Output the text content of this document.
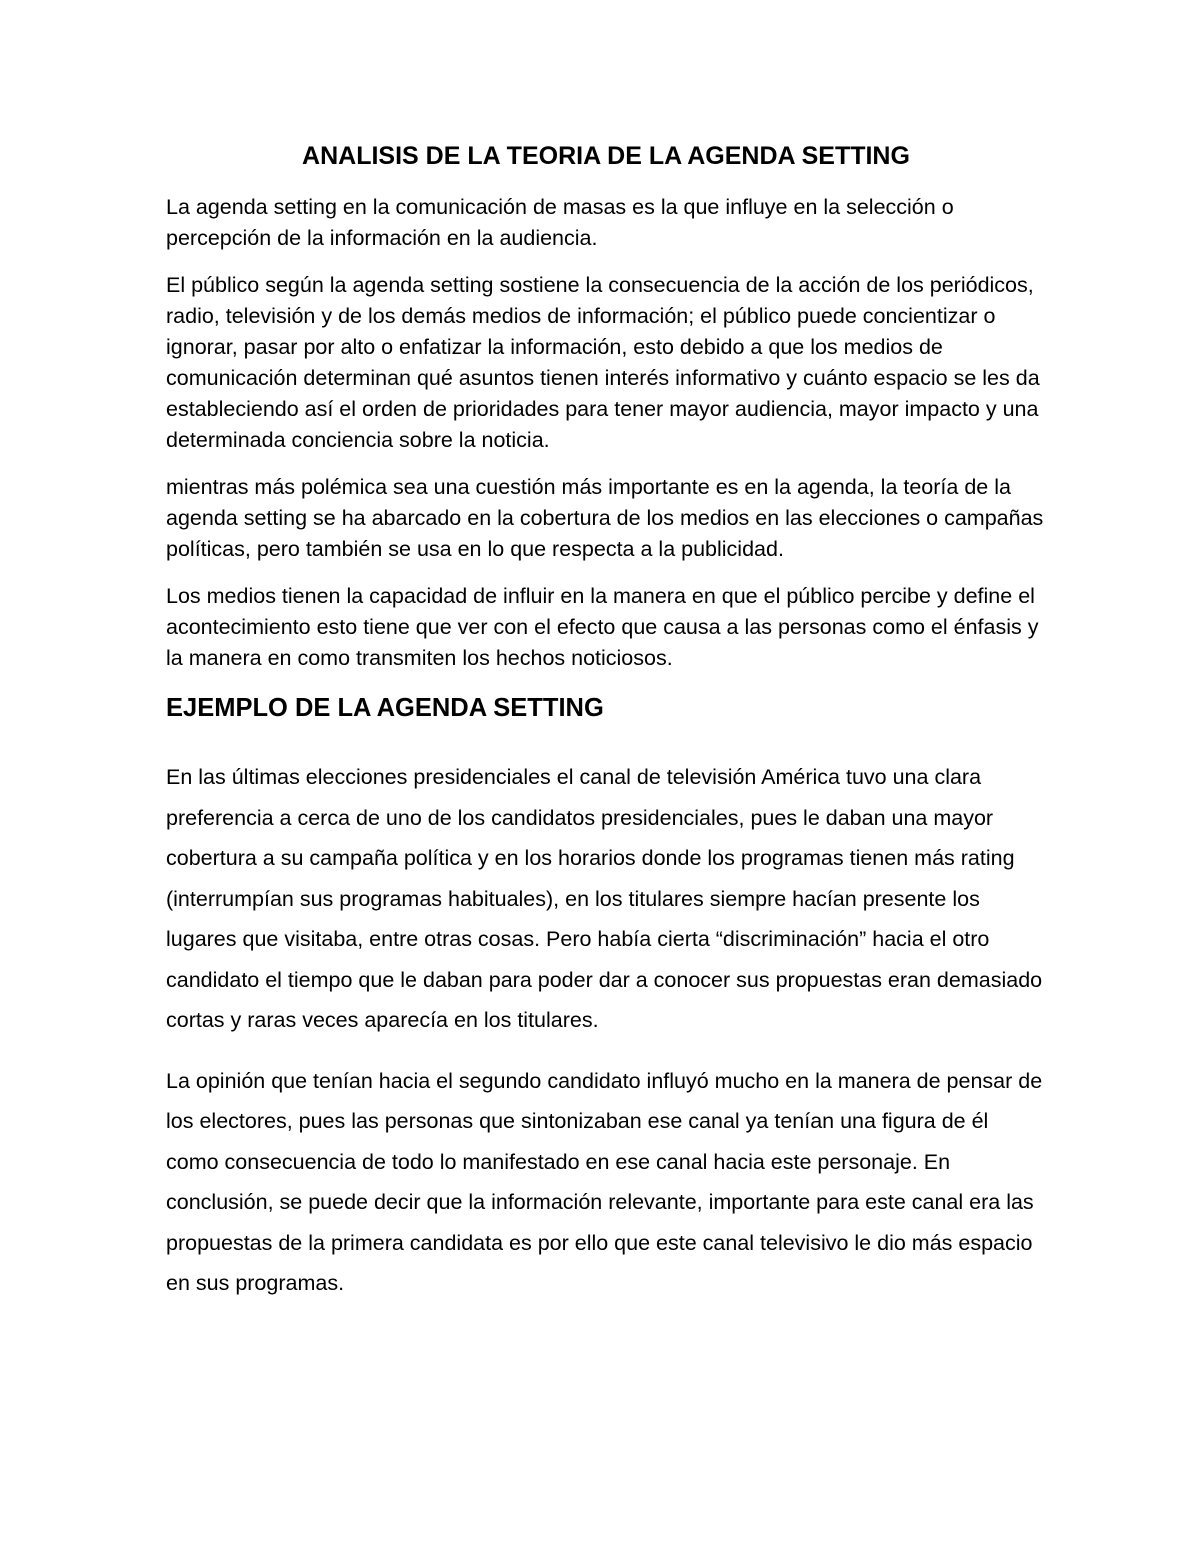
ANALISIS DE LA TEORIA DE LA AGENDA SETTING

La agenda setting en la comunicación de masas es la que influye en la selección o percepción de la información en la audiencia.

El público según la agenda setting sostiene la consecuencia de la acción de los periódicos, radio, televisión y de los demás medios de información; el público puede concientizar o ignorar, pasar por alto o enfatizar la información, esto debido a que los medios de comunicación determinan qué asuntos tienen interés informativo y cuánto espacio se les da estableciendo así el orden de prioridades para tener mayor audiencia, mayor impacto y una determinada conciencia sobre la noticia.

mientras más polémica sea una cuestión más importante es en la agenda, la teoría de la agenda setting se ha abarcado en la cobertura de los medios en las elecciones o campañas políticas, pero también se usa en lo que respecta a la publicidad.

Los medios tienen la capacidad de influir en la manera en que el público percibe y define el acontecimiento esto tiene que ver con el efecto que causa a las personas como el énfasis y la manera en como transmiten los hechos noticiosos.

EJEMPLO DE LA AGENDA SETTING

En las últimas elecciones presidenciales el canal de televisión América tuvo una clara preferencia a cerca de uno de los candidatos presidenciales, pues le daban una mayor cobertura a su campaña política y en los horarios donde los programas tienen más rating (interrumpían sus programas habituales), en los titulares siempre hacían presente los lugares que visitaba, entre otras cosas. Pero había cierta “discriminación” hacia el otro candidato el tiempo que le daban para poder dar a conocer sus propuestas eran demasiado cortas y raras veces aparecía en los titulares.

La opinión que tenían hacia el segundo candidato influyó mucho en la manera de pensar de los electores, pues las personas que sintonizaban ese canal ya tenían una figura de él como consecuencia de todo lo manifestado en ese canal hacia este personaje. En conclusión, se puede decir que la información relevante, importante para este canal era las propuestas de la primera candidata es por ello que este canal televisivo le dio más espacio en sus programas.
